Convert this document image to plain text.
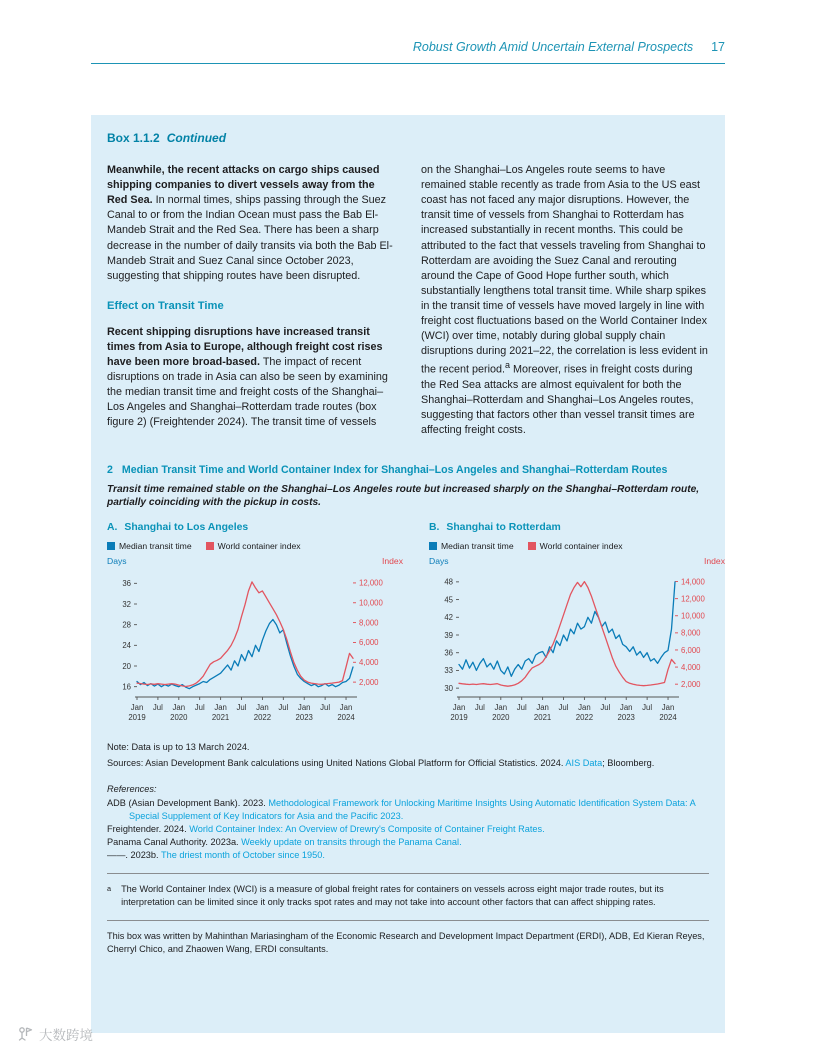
Robust Growth Amid Uncertain External Prospects 17
Box 1.1.2 Continued

Meanwhile, the recent attacks on cargo ships caused shipping companies to divert vessels away from the Red Sea. In normal times, ships passing through the Suez Canal to or from the Indian Ocean must pass the Bab El-Mandeb Strait and the Red Sea. There has been a sharp decrease in the number of daily transits via both the Bab El-Mandeb Strait and Suez Canal since October 2023, suggesting that shipping routes have been disrupted.

Effect on Transit Time

Recent shipping disruptions have increased transit times from Asia to Europe, although freight cost rises have been more broad-based. The impact of recent disruptions on trade in Asia can also be seen by examining the median transit time and freight costs of the Shanghai–Los Angeles and Shanghai–Rotterdam trade routes (box figure 2) (Freightender 2024). The transit time of vessels

on the Shanghai–Los Angeles route seems to have remained stable recently as trade from Asia to the US east coast has not faced any major disruptions. However, the transit time of vessels from Shanghai to Rotterdam has increased substantially in recent months. This could be attributed to the fact that vessels traveling from Shanghai to Rotterdam are avoiding the Suez Canal and rerouting around the Cape of Good Hope further south, which substantially lengthens total transit time. While sharp spikes in the transit time of vessels have moved largely in line with freight cost fluctuations based on the World Container Index (WCI) over time, notably during global supply chain disruptions during 2021–22, the correlation is less evident in the recent period.$^a$ Moreover, rises in freight costs during the Red Sea attacks are almost equivalent for both the Shanghai–Rotterdam and Shanghai–Los Angeles routes, suggesting that factors other than vessel transit times are affecting freight costs.

2 Median Transit Time and World Container Index for Shanghai–Los Angeles and Shanghai–Rotterdam Routes
Transit time remained stable on the Shanghai–Los Angeles route but increased sharply on the Shanghai–Rotterdam route, partially coinciding with the pickup in costs.
A. Shanghai to Los Angeles
Median transit time	World container index
Days	Index
Jan
2019
Jul Jan
2020
Jul Jan
2021
Jul Jan
2022
Jul Jan
2023
Jul Jan
2024
16
20
24
28
32
36
2,000
4,000
6,000
8,000
10,000
12,000
B. Shanghai to Rotterdam
Median transit time	World container index
Days	Index
Jan
2019
Jul Jan
2020
Jul Jan
2021
Jul Jan
2022
Jul Jan
2023
Jul Jan
2024
30
33
36
39
42
45
48
2,000
4,000
6,000
8,000
10,000
12,000
14,000
Note: Data is up to 13 March 2024.
Sources: Asian Development Bank calculations using United Nations Global Platform for Official Statistics. 2024. AIS Data; Bloomberg.
References:
ADB (Asian Development Bank). 2023. Methodological Framework for Unlocking Maritime Insights Using Automatic Identification System Data: A Special Supplement of Key Indicators for Asia and the Pacific 2023.
Freightender. 2024. World Container Index: An Overview of Drewry's Composite of Container Freight Rates.
Panama Canal Authority. 2023a. Weekly update on transits through the Panama Canal.
——. 2023b. The driest month of October since 1950.
a The World Container Index (WCI) is a measure of global freight rates for containers on vessels across eight major trade routes, but its interpretation can be limited since it only tracks spot rates and may not take into account other factors that can affect shipping rates.
This box was written by Mahinthan Mariasingham of the Economic Research and Development Impact Department (ERDI), ADB, Ed Kieran Reyes, Cherryl Chico, and Zhaowen Wang, ERDI consultants.
大数跨境
